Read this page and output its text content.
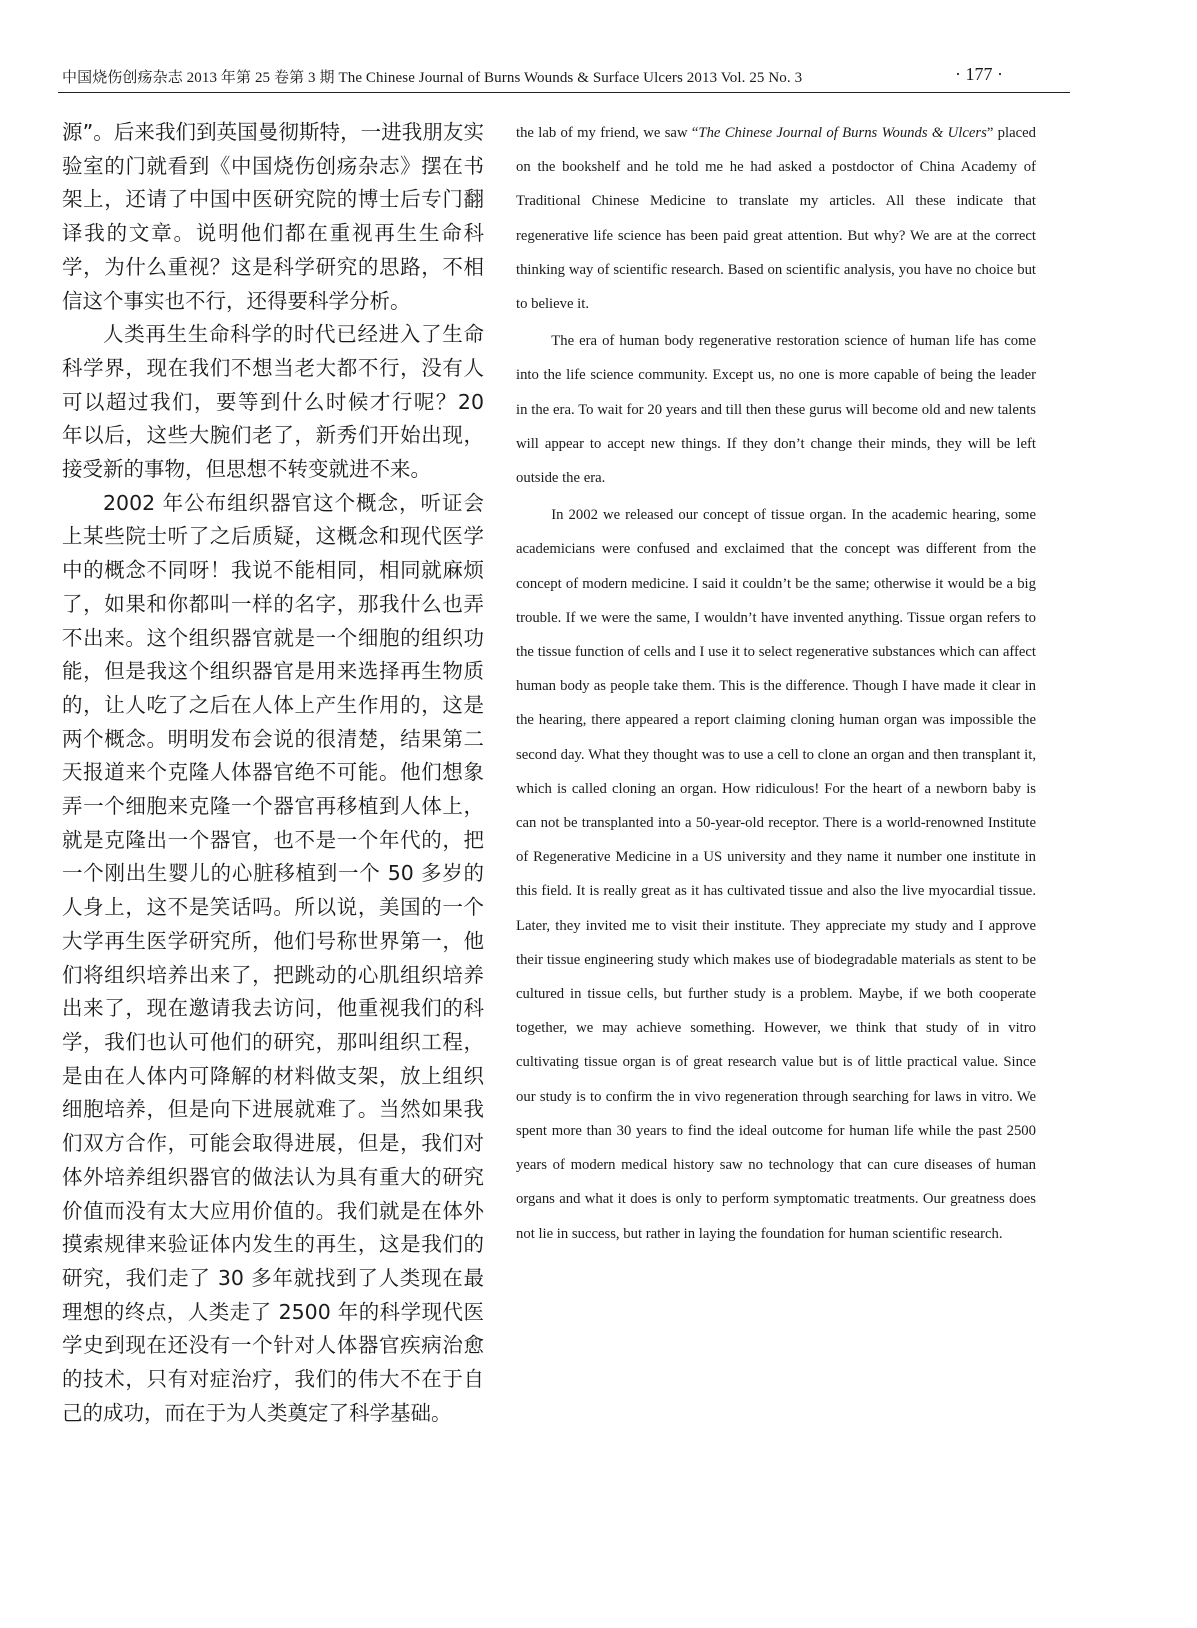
中国烧伤创疡杂志 2013 年第 25 卷第 3 期 The Chinese Journal of Burns Wounds & Surface Ulcers 2013 Vol. 25 No. 3	· 177 ·

源”。后来我们到英国曼彻斯特，一进我朋友实验室的门就看到《中国烧伤创疡杂志》摆在书架上，还请了中国中医研究院的博士后专门翻译我的文章。说明他们都在重视再生生命科学，为什么重视？这是科学研究的思路，不相信这个事实也不行，还得要科学分析。

人类再生生命科学的时代已经进入了生命科学界，现在我们不想当老大都不行，没有人可以超过我们，要等到什么时候才行呢？20 年以后，这些大腕们老了，新秀们开始出现，接受新的事物，但思想不转变就进不来。

2002 年公布组织器官这个概念，听证会上某些院士听了之后质疑，这概念和现代医学中的概念不同呀！我说不能相同，相同就麻烦了，如果和你都叫一样的名字，那我什么也弄不出来。这个组织器官就是一个细胞的组织功能，但是我这个组织器官是用来选择再生物质的，让人吃了之后在人体上产生作用的，这是两个概念。明明发布会说的很清楚，结果第二天报道来个克隆人体器官绝不可能。他们想象弄一个细胞来克隆一个器官再移植到人体上，就是克隆出一个器官，也不是一个年代的，把一个刚出生婴儿的心脏移植到一个 50 多岁的人身上，这不是笑话吗。所以说，美国的一个大学再生医学研究所，他们号称世界第一，他们将组织培养出来了，把跳动的心肌组织培养出来了，现在邀请我去访问，他重视我们的科学，我们也认可他们的研究，那叫组织工程，是由在人体内可降解的材料做支架，放上组织细胞培养，但是向下进展就难了。当然如果我们双方合作，可能会取得进展，但是，我们对体外培养组织器官的做法认为具有重大的研究价值而没有太大应用价值的。我们就是在体外摸索规律来验证体内发生的再生，这是我们的研究，我们走了 30 多年就找到了人类现在最理想的终点，人类走了 2500 年的科学现代医学史到现在还没有一个针对人体器官疾病治愈的技术，只有对症治疗，我们的伟大不在于自己的成功，而在于为人类奠定了科学基础。

the lab of my friend, we saw “The Chinese Journal of Burns Wounds & Ulcers” placed on the bookshelf and he told me he had asked a postdoctor of China Academy of Traditional Chinese Medicine to translate my articles. All these indicate that regenerative life science has been paid great attention. But why? We are at the correct thinking way of scientific research. Based on scientific analysis, you have no choice but to believe it.

The era of human body regenerative restoration science of human life has come into the life science community. Except us, no one is more capable of being the leader in the era. To wait for 20 years and till then these gurus will become old and new talents will appear to accept new things. If they don’t change their minds, they will be left outside the era.

In 2002 we released our concept of tissue organ. In the academic hearing, some academicians were confused and exclaimed that the concept was different from the concept of modern medicine. I said it couldn’t be the same; otherwise it would be a big trouble. If we were the same, I wouldn’t have invented anything. Tissue organ refers to the tissue function of cells and I use it to select regenerative substances which can affect human body as people take them. This is the difference. Though I have made it clear in the hearing, there appeared a report claiming cloning human organ was impossible the second day. What they thought was to use a cell to clone an organ and then transplant it, which is called cloning an organ. How ridiculous! For the heart of a newborn baby is can not be transplanted into a 50-year-old receptor. There is a world-renowned Institute of Regenerative Medicine in a US university and they name it number one institute in this field. It is really great as it has cultivated tissue and also the live myocardial tissue. Later, they invited me to visit their institute. They appreciate my study and I approve their tissue engineering study which makes use of biodegradable materials as stent to be cultured in tissue cells, but further study is a problem. Maybe, if we both cooperate together, we may achieve something. However, we think that study of in vitro cultivating tissue organ is of great research value but is of little practical value. Since our study is to confirm the in vivo regeneration through searching for laws in vitro. We spent more than 30 years to find the ideal outcome for human life while the past 2500 years of modern medical history saw no technology that can cure diseases of human organs and what it does is only to perform symptomatic treatments. Our greatness does not lie in success, but rather in laying the foundation for human scientific research.
